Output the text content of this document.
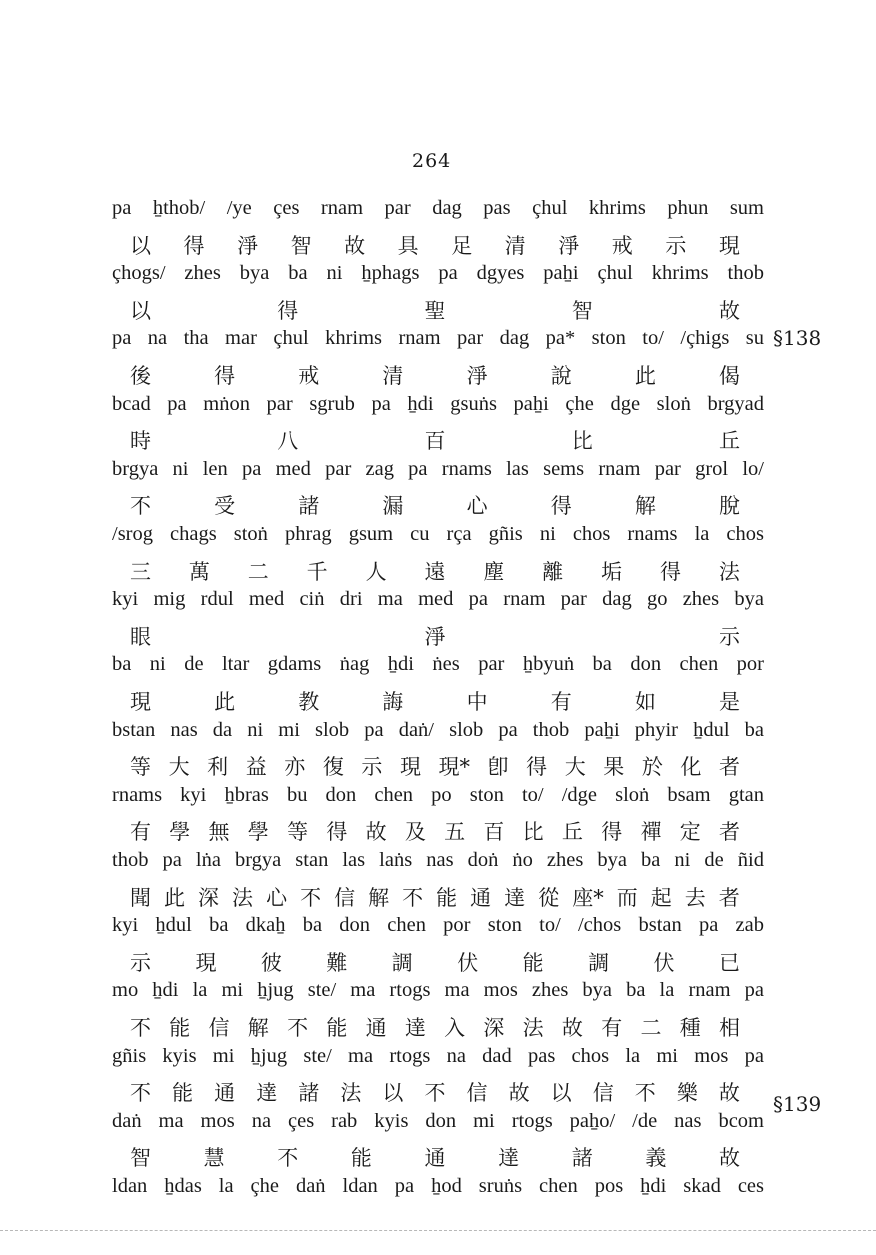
264
pa ẖthob/ /ye çes rnam par dag pas çhul khrims phun sum
以 得 淨 智 故 具 足 清 淨 戒 示 現
çhogs/ zhes bya ba ni ẖphags pa dgyes paẖi çhul khrims thob
以	得	聖	智	故
pa na tha mar çhul khrims rnam par dag pa* ston to/ /çhigs su
後	得	戒	清	淨	說	此	偈
bcad pa mṅon par sgrub pa ẖdi gsuṅs paẖi çhe dge sloṅ brgyad
時	八	百	比	丘
brgya ni len pa med par zag pa rnams las sems rnam par grol lo/
不	受	諸	漏	心	得	解	脫
/srog chags stoṅ phrag gsum cu rça gñis ni chos rnams la chos
三 萬 二 千 人 遠 塵 離 垢 得 法
kyi mig rdul med ciṅ dri ma med pa rnam par dag go zhes bya
眼	淨	示
ba ni de ltar gdams ṅag ẖdi ṅes par ẖbyuṅ ba don chen por
現	此	教	誨	中	有	如	是
bstan nas da ni mi slob pa daṅ/ slob pa thob paẖi phyir ẖdul ba
等 大 利 益 亦 復 示 現 現* 卽 得 大 果 於 化 者
rnams kyi ẖbras bu don chen po ston to/ /dge sloṅ bsam gtan
有 學 無 學 等 得 故 及 五 百 比 丘 得 禪 定 者
thob pa lṅa brgya stan las laṅs nas doṅ ṅo zhes bya ba ni de ñid
聞 此 深 法 心 不 信 解 不 能 通 達 從 座* 而 起 去 者
kyi ẖdul ba dkaẖ ba don chen por ston to/ /chos bstan pa zab
示 現 彼 難 調 伏 能 調 伏 已
mo ẖdi la mi ẖjug ste/ ma rtogs ma mos zhes bya ba la rnam pa
不 能 信 解 不 能 通 達 入 深 法 故 有 二 種 相
gñis kyis mi ẖjug ste/ ma rtogs na dad pas chos la mi mos pa
不 能 通 達 諸 法 以 不 信 故 以 信 不 樂 故
daṅ ma mos na çes rab kyis don mi rtogs paẖo/ /de nas bcom
智	慧	不	能	通	達	諸	義	故
ldan ẖdas la çhe daṅ ldan pa ẖod sruṅs chen pos ẖdi skad ces
§138
§139
